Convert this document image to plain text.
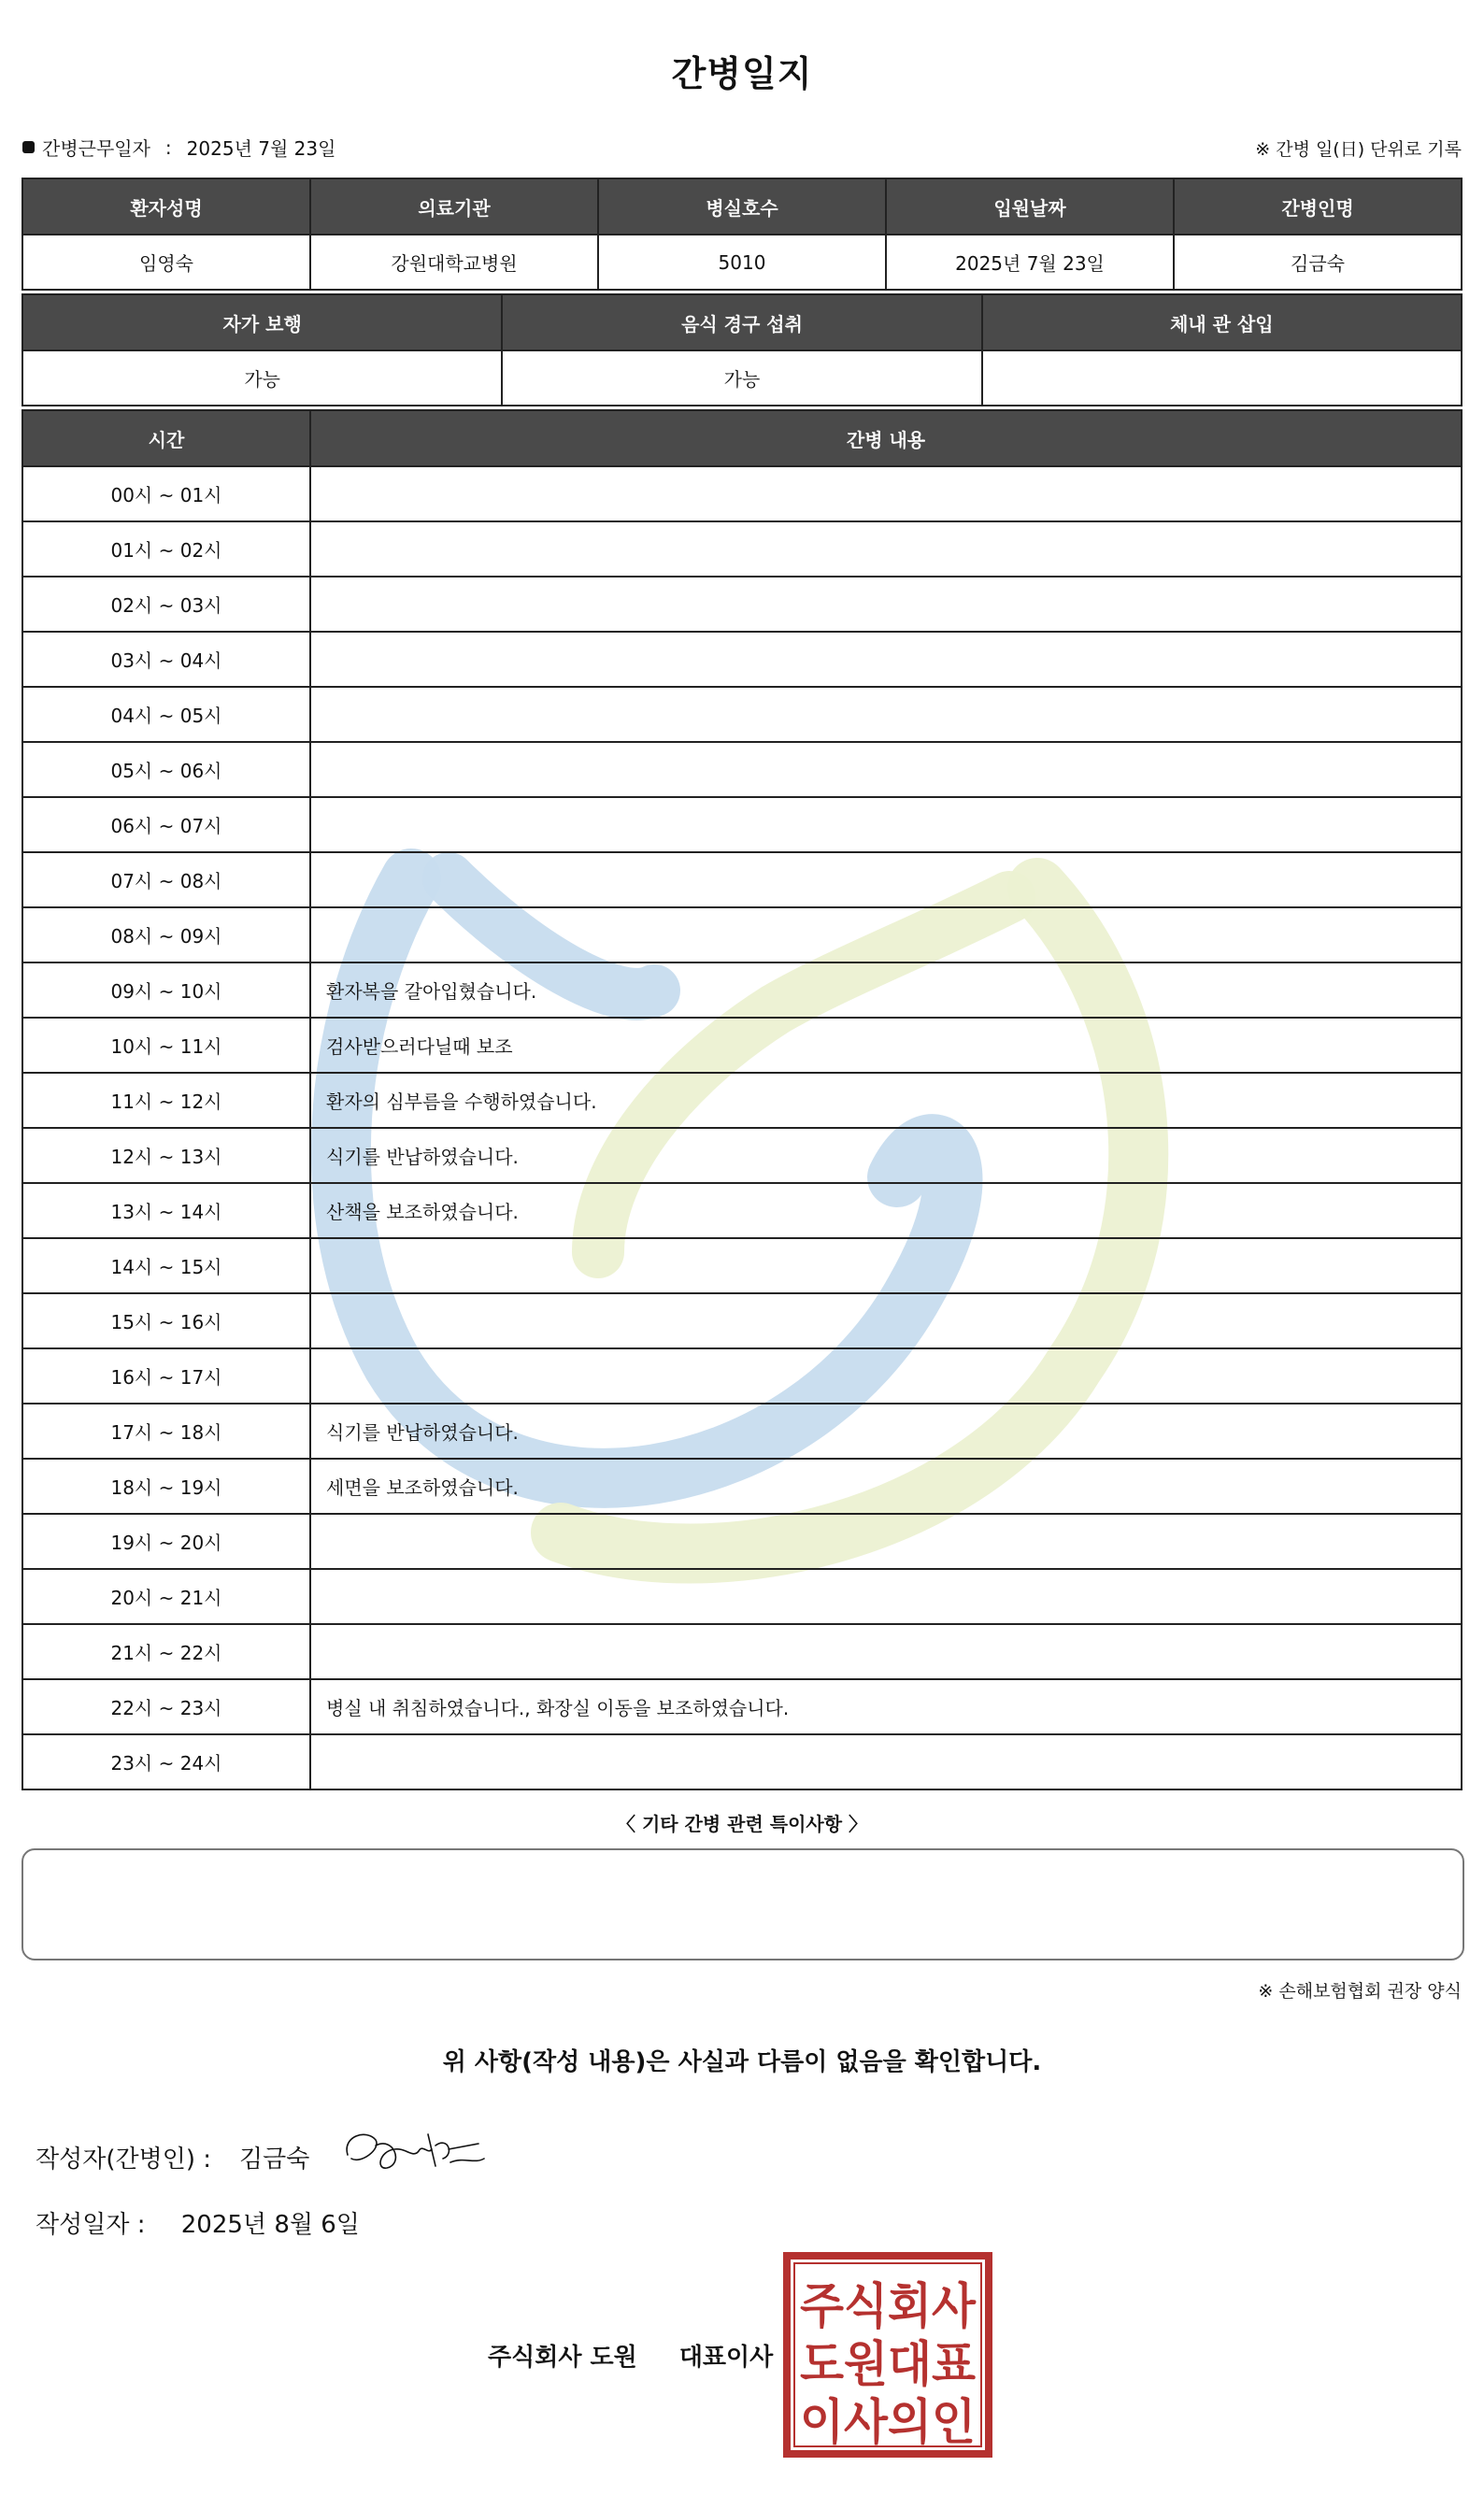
간병일지
간병근무일자 : 2025년 7월 23일	※ 간병 일(日) 단위로 기록
환자성명	의료기관	병실호수	입원날짜	간병인명
임영숙	강원대학교병원	5010	2025년 7월 23일	김금숙
자가 보행	음식 경구 섭취	체내 관 삽입
가능	가능	
시간	간병 내용
00시 ~ 01시	
01시 ~ 02시	
02시 ~ 03시	
03시 ~ 04시	
04시 ~ 05시	
05시 ~ 06시	
06시 ~ 07시	
07시 ~ 08시	
08시 ~ 09시	
09시 ~ 10시	환자복을 갈아입혔습니다.
10시 ~ 11시	검사받으러다닐때 보조
11시 ~ 12시	환자의 심부름을 수행하였습니다.
12시 ~ 13시	식기를 반납하였습니다.
13시 ~ 14시	산책을 보조하였습니다.
14시 ~ 15시	
15시 ~ 16시	
16시 ~ 17시	
17시 ~ 18시	식기를 반납하였습니다.
18시 ~ 19시	세면을 보조하였습니다.
19시 ~ 20시	
20시 ~ 21시	
21시 ~ 22시	
22시 ~ 23시	병실 내 취침하였습니다., 화장실 이동을 보조하였습니다.
23시 ~ 24시	
〈 기타 간병 관련 특이사항 〉
※ 손해보험협회 권장 양식
위 사항(작성 내용)은 사실과 다름이 없음을 확인합니다.
작성자(간병인) : 김금숙
작성일자 : 2025년 8월 6일
주식회사 도원 대표이사
주식회사
도원대표
이사의인
